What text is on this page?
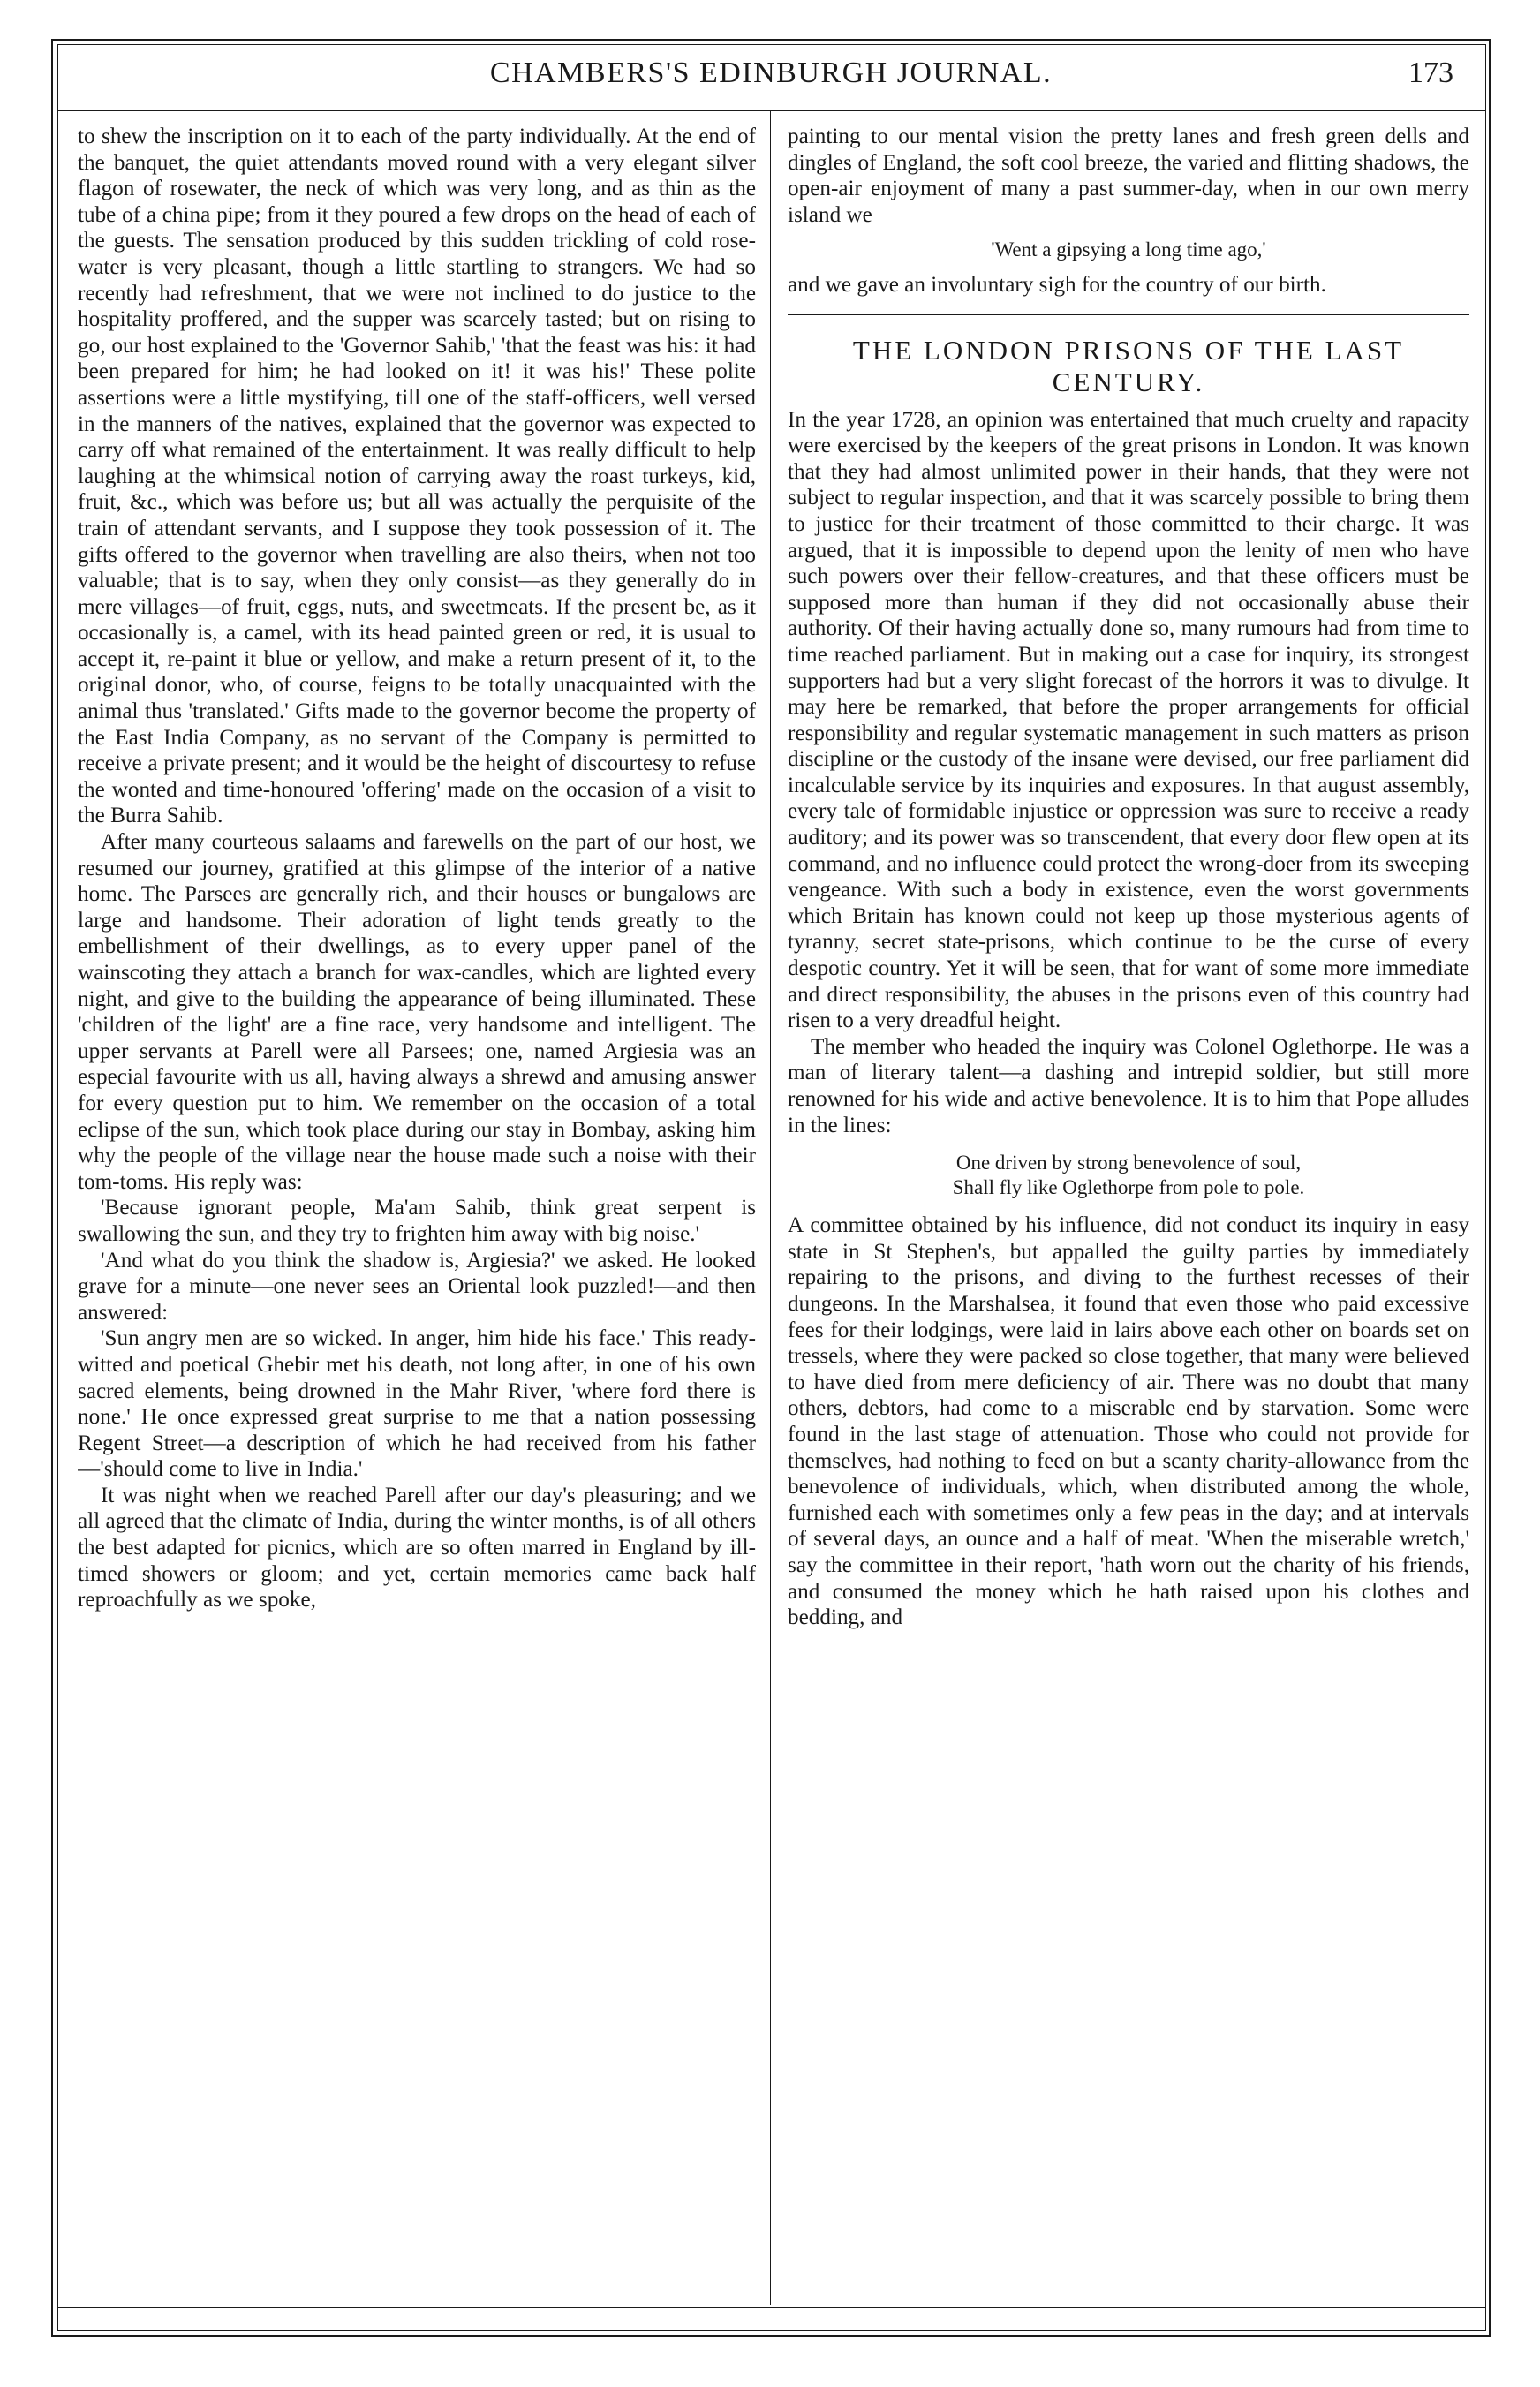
CHAMBERS'S EDINBURGH JOURNAL.	173

to shew the inscription on it to each of the party individually. At the end of the banquet, the quiet attendants moved round with a very elegant silver flagon of rosewater, the neck of which was very long, and as thin as the tube of a china pipe; from it they poured a few drops on the head of each of the guests. The sensation produced by this sudden trickling of cold rose-water is very pleasant, though a little startling to strangers. We had so recently had refreshment, that we were not inclined to do justice to the hospitality proffered, and the supper was scarcely tasted; but on rising to go, our host explained to the 'Governor Sahib,' 'that the feast was his: it had been prepared for him; he had looked on it! it was his!' These polite assertions were a little mystifying, till one of the staff-officers, well versed in the manners of the natives, explained that the governor was expected to carry off what remained of the entertainment. It was really difficult to help laughing at the whimsical notion of carrying away the roast turkeys, kid, fruit, &c., which was before us; but all was actually the perquisite of the train of attendant servants, and I suppose they took possession of it. The gifts offered to the governor when travelling are also theirs, when not too valuable; that is to say, when they only consist—as they generally do in mere villages—of fruit, eggs, nuts, and sweetmeats. If the present be, as it occasionally is, a camel, with its head painted green or red, it is usual to accept it, re-paint it blue or yellow, and make a return present of it, to the original donor, who, of course, feigns to be totally unacquainted with the animal thus 'translated.' Gifts made to the governor become the property of the East India Company, as no servant of the Company is permitted to receive a private present; and it would be the height of discourtesy to refuse the wonted and time-honoured 'offering' made on the occasion of a visit to the Burra Sahib.

After many courteous salaams and farewells on the part of our host, we resumed our journey, gratified at this glimpse of the interior of a native home. The Parsees are generally rich, and their houses or bungalows are large and handsome. Their adoration of light tends greatly to the embellishment of their dwellings, as to every upper panel of the wainscoting they attach a branch for wax-candles, which are lighted every night, and give to the building the appearance of being illuminated. These 'children of the light' are a fine race, very handsome and intelligent. The upper servants at Parell were all Parsees; one, named Argiesia was an especial favourite with us all, having always a shrewd and amusing answer for every question put to him. We remember on the occasion of a total eclipse of the sun, which took place during our stay in Bombay, asking him why the people of the village near the house made such a noise with their tom-toms. His reply was:

'Because ignorant people, Ma'am Sahib, think great serpent is swallowing the sun, and they try to frighten him away with big noise.'

'And what do you think the shadow is, Argiesia?' we asked. He looked grave for a minute—one never sees an Oriental look puzzled!—and then answered:

'Sun angry men are so wicked. In anger, him hide his face.' This ready-witted and poetical Ghebir met his death, not long after, in one of his own sacred elements, being drowned in the Mahr River, 'where ford there is none.' He once expressed great surprise to me that a nation possessing Regent Street—a description of which he had received from his father—'should come to live in India.'

It was night when we reached Parell after our day's pleasuring; and we all agreed that the climate of India, during the winter months, is of all others the best adapted for picnics, which are so often marred in England by ill-timed showers or gloom; and yet, certain memories came back half reproachfully as we spoke,

painting to our mental vision the pretty lanes and fresh green dells and dingles of England, the soft cool breeze, the varied and flitting shadows, the open-air enjoyment of many a past summer-day, when in our own merry island we

'Went a gipsying a long time ago,'

and we gave an involuntary sigh for the country of our birth.

THE LONDON PRISONS OF THE LAST CENTURY.

In the year 1728, an opinion was entertained that much cruelty and rapacity were exercised by the keepers of the great prisons in London. It was known that they had almost unlimited power in their hands, that they were not subject to regular inspection, and that it was scarcely possible to bring them to justice for their treatment of those committed to their charge. It was argued, that it is impossible to depend upon the lenity of men who have such powers over their fellow-creatures, and that these officers must be supposed more than human if they did not occasionally abuse their authority. Of their having actually done so, many rumours had from time to time reached parliament. But in making out a case for inquiry, its strongest supporters had but a very slight forecast of the horrors it was to divulge. It may here be remarked, that before the proper arrangements for official responsibility and regular systematic management in such matters as prison discipline or the custody of the insane were devised, our free parliament did incalculable service by its inquiries and exposures. In that august assembly, every tale of formidable injustice or oppression was sure to receive a ready auditory; and its power was so transcendent, that every door flew open at its command, and no influence could protect the wrong-doer from its sweeping vengeance. With such a body in existence, even the worst governments which Britain has known could not keep up those mysterious agents of tyranny, secret state-prisons, which continue to be the curse of every despotic country. Yet it will be seen, that for want of some more immediate and direct responsibility, the abuses in the prisons even of this country had risen to a very dreadful height.

The member who headed the inquiry was Colonel Oglethorpe. He was a man of literary talent—a dashing and intrepid soldier, but still more renowned for his wide and active benevolence. It is to him that Pope alludes in the lines:

One driven by strong benevolence of soul,
Shall fly like Oglethorpe from pole to pole.

A committee obtained by his influence, did not conduct its inquiry in easy state in St Stephen's, but appalled the guilty parties by immediately repairing to the prisons, and diving to the furthest recesses of their dungeons. In the Marshalsea, it found that even those who paid excessive fees for their lodgings, were laid in lairs above each other on boards set on tressels, where they were packed so close together, that many were believed to have died from mere deficiency of air. There was no doubt that many others, debtors, had come to a miserable end by starvation. Some were found in the last stage of attenuation. Those who could not provide for themselves, had nothing to feed on but a scanty charity-allowance from the benevolence of individuals, which, when distributed among the whole, furnished each with sometimes only a few peas in the day; and at intervals of several days, an ounce and a half of meat. 'When the miserable wretch,' say the committee in their report, 'hath worn out the charity of his friends, and consumed the money which he hath raised upon his clothes and bedding, and
